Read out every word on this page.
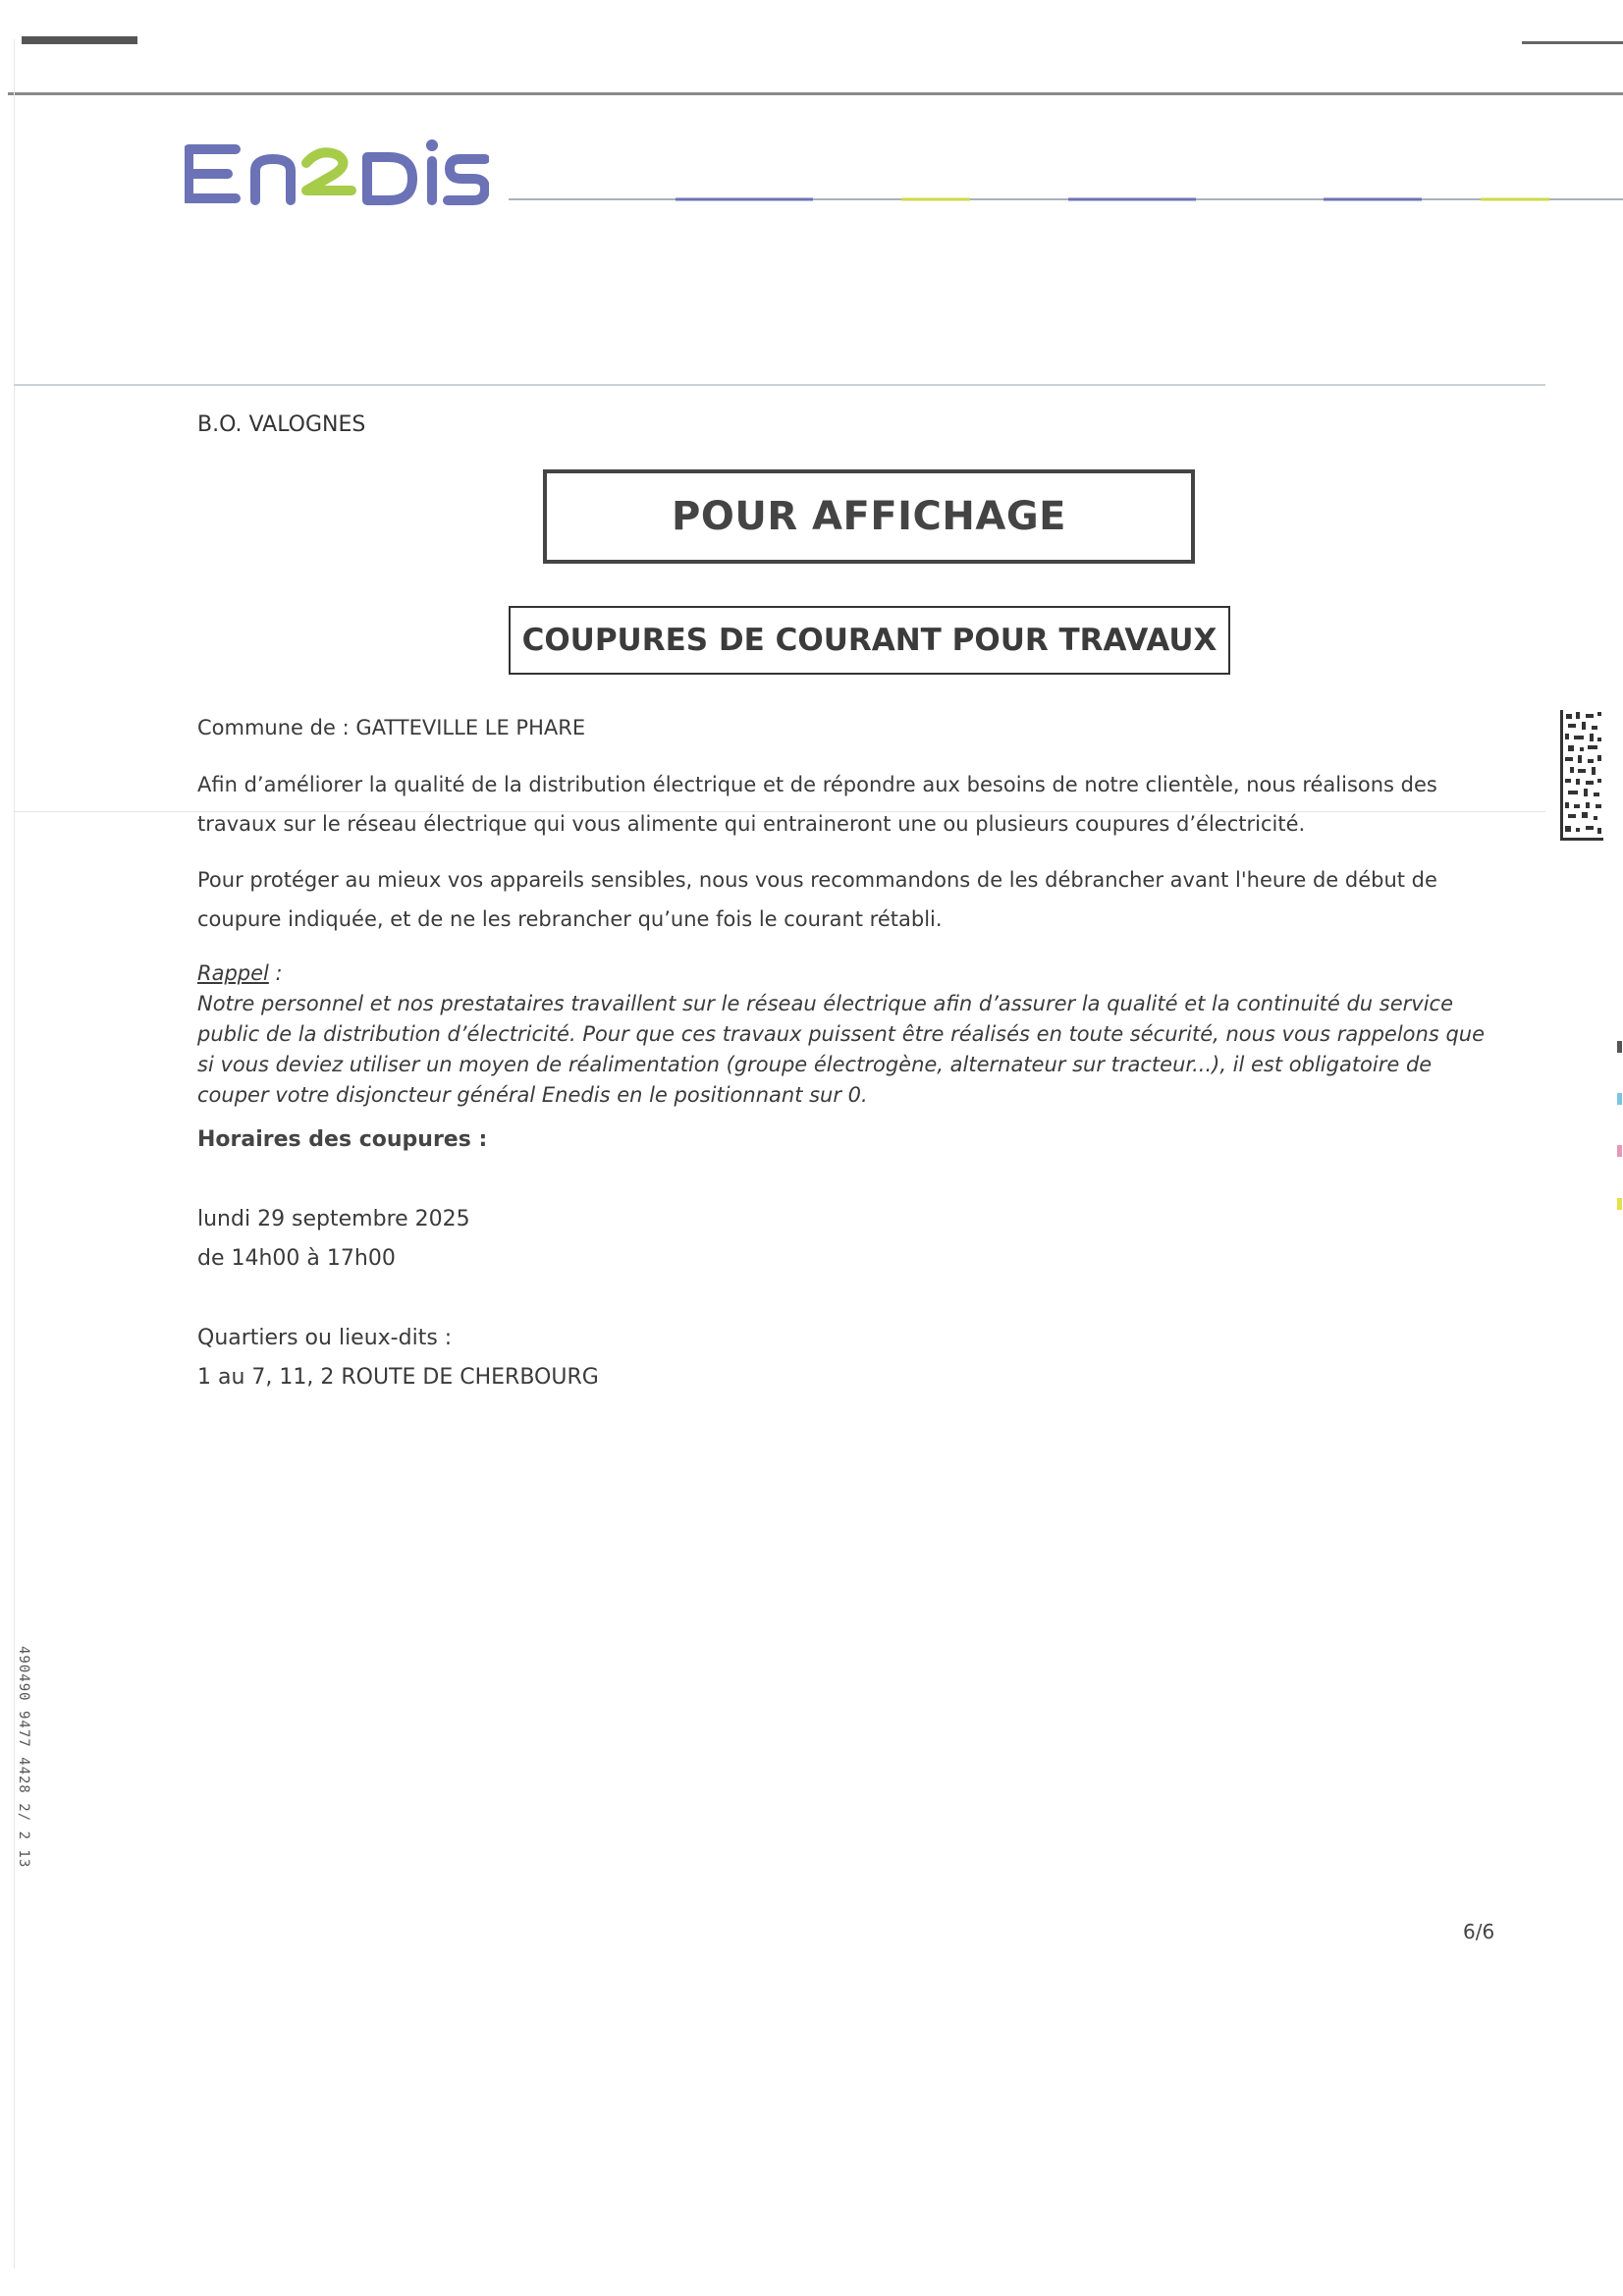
B.O. VALOGNES
POUR AFFICHAGE
COUPURES DE COURANT POUR TRAVAUX
Commune de : GATTEVILLE LE PHARE
Afin d’améliorer la qualité de la distribution électrique et de répondre aux besoins de notre clientèle, nous réalisons des travaux sur le réseau électrique qui vous alimente qui entraineront une ou plusieurs coupures d’électricité.
Pour protéger au mieux vos appareils sensibles, nous vous recommandons de les débrancher avant l'heure de début de coupure indiquée, et de ne les rebrancher qu’une fois le courant rétabli.
Rappel :
Notre personnel et nos prestataires travaillent sur le réseau électrique afin d’assurer la qualité et la continuité du service public de la distribution d’électricité. Pour que ces travaux puissent être réalisés en toute sécurité, nous vous rappelons que si vous deviez utiliser un moyen de réalimentation (groupe électrogène, alternateur sur tracteur...), il est obligatoire de couper votre disjoncteur général Enedis en le positionnant sur 0.
Horaires des coupures :
lundi 29 septembre 2025
de 14h00 à 17h00
Quartiers ou lieux-dits :
1 au 7, 11, 2 ROUTE DE CHERBOURG
490490 9477 4428 2/ 2 13
6/6
